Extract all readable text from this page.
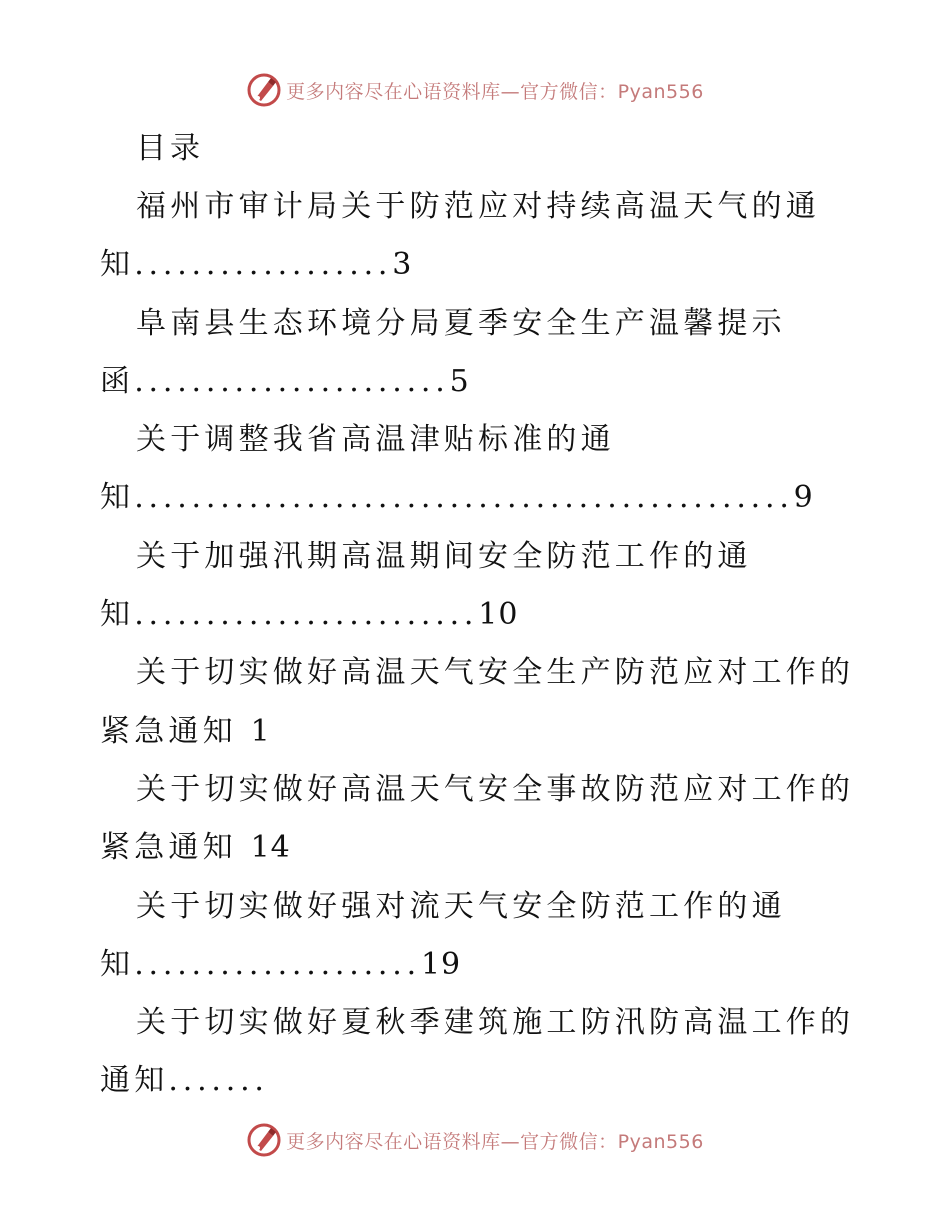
更多内容尽在心语资料库—官方微信：Pyan556
目录
福州市审计局关于防范应对持续高温天气的通
知..................3
阜南县生态环境分局夏季安全生产温馨提示
函......................5
关于调整我省高温津贴标准的通
知..............................................9
关于加强汛期高温期间安全防范工作的通
知........................10
关于切实做好高温天气安全生产防范应对工作的
紧急通知 1
关于切实做好高温天气安全事故防范应对工作的
紧急通知 14
关于切实做好强对流天气安全防范工作的通
知....................19
关于切实做好夏秋季建筑施工防汛防高温工作的
通知.......
更多内容尽在心语资料库—官方微信：Pyan556
